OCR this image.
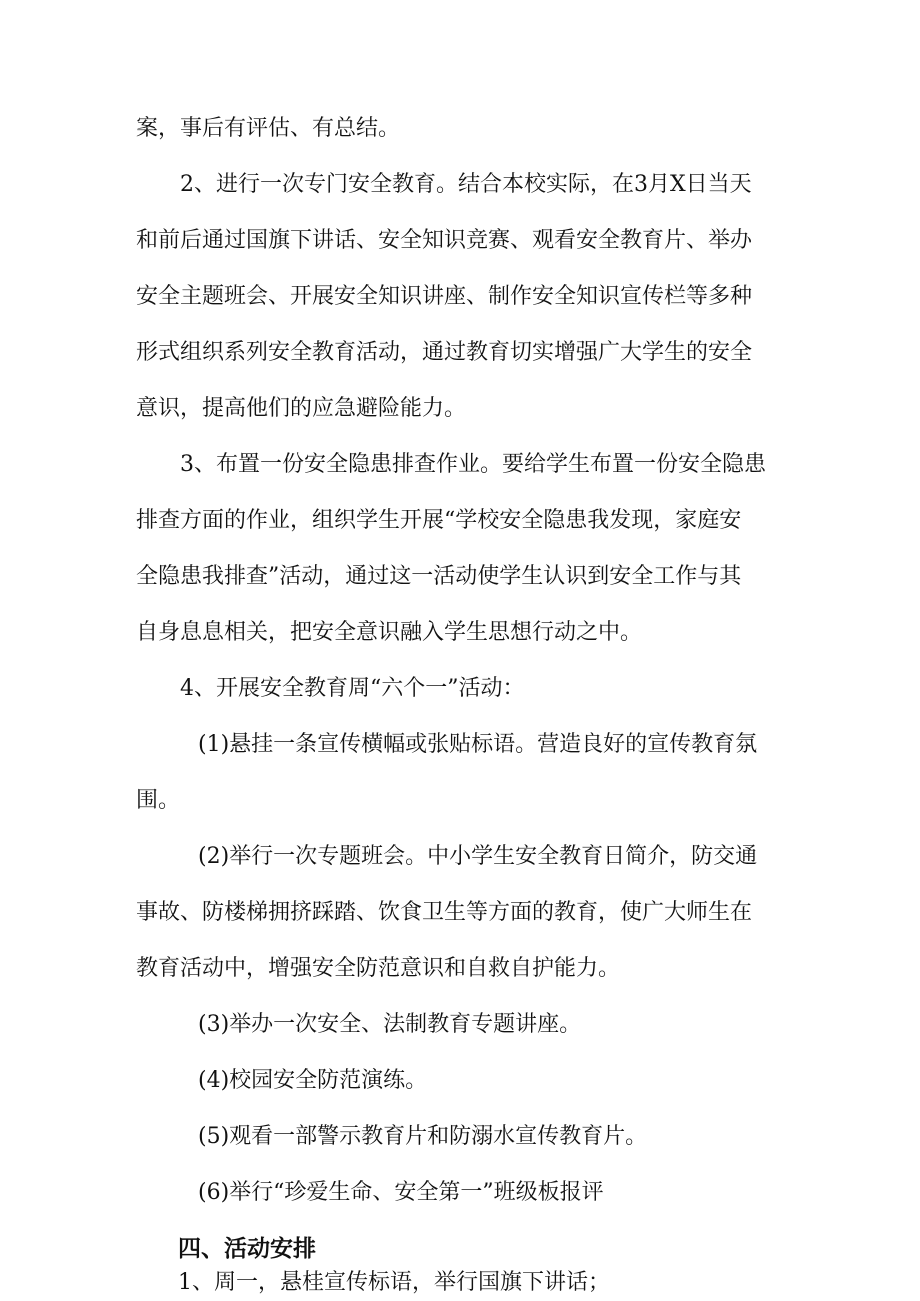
案，事后有评估、有总结。
2、进行一次专门安全教育。结合本校实际，在3月X日当天
和前后通过国旗下讲话、安全知识竞赛、观看安全教育片、举办
安全主题班会、开展安全知识讲座、制作安全知识宣传栏等多种
形式组织系列安全教育活动，通过教育切实增强广大学生的安全
意识，提高他们的应急避险能力。
3、布置一份安全隐患排查作业。要给学生布置一份安全隐患
排查方面的作业，组织学生开展“学校安全隐患我发现，家庭安
全隐患我排查”活动，通过这一活动使学生认识到安全工作与其
自身息息相关，把安全意识融入学生思想行动之中。
4、开展安全教育周“六个一”活动：
(1)悬挂一条宣传横幅或张贴标语。营造良好的宣传教育氛
围。
(2)举行一次专题班会。中小学生安全教育日简介，防交通
事故、防楼梯拥挤踩踏、饮食卫生等方面的教育，使广大师生在
教育活动中，增强安全防范意识和自救自护能力。
(3)举办一次安全、法制教育专题讲座。
(4)校园安全防范演练。
(5)观看一部警示教育片和防溺水宣传教育片。
(6)举行“珍爱生命、安全第一”班级板报评
四、活动安排
1、周一，悬桂宣传标语，举行国旗下讲话；
